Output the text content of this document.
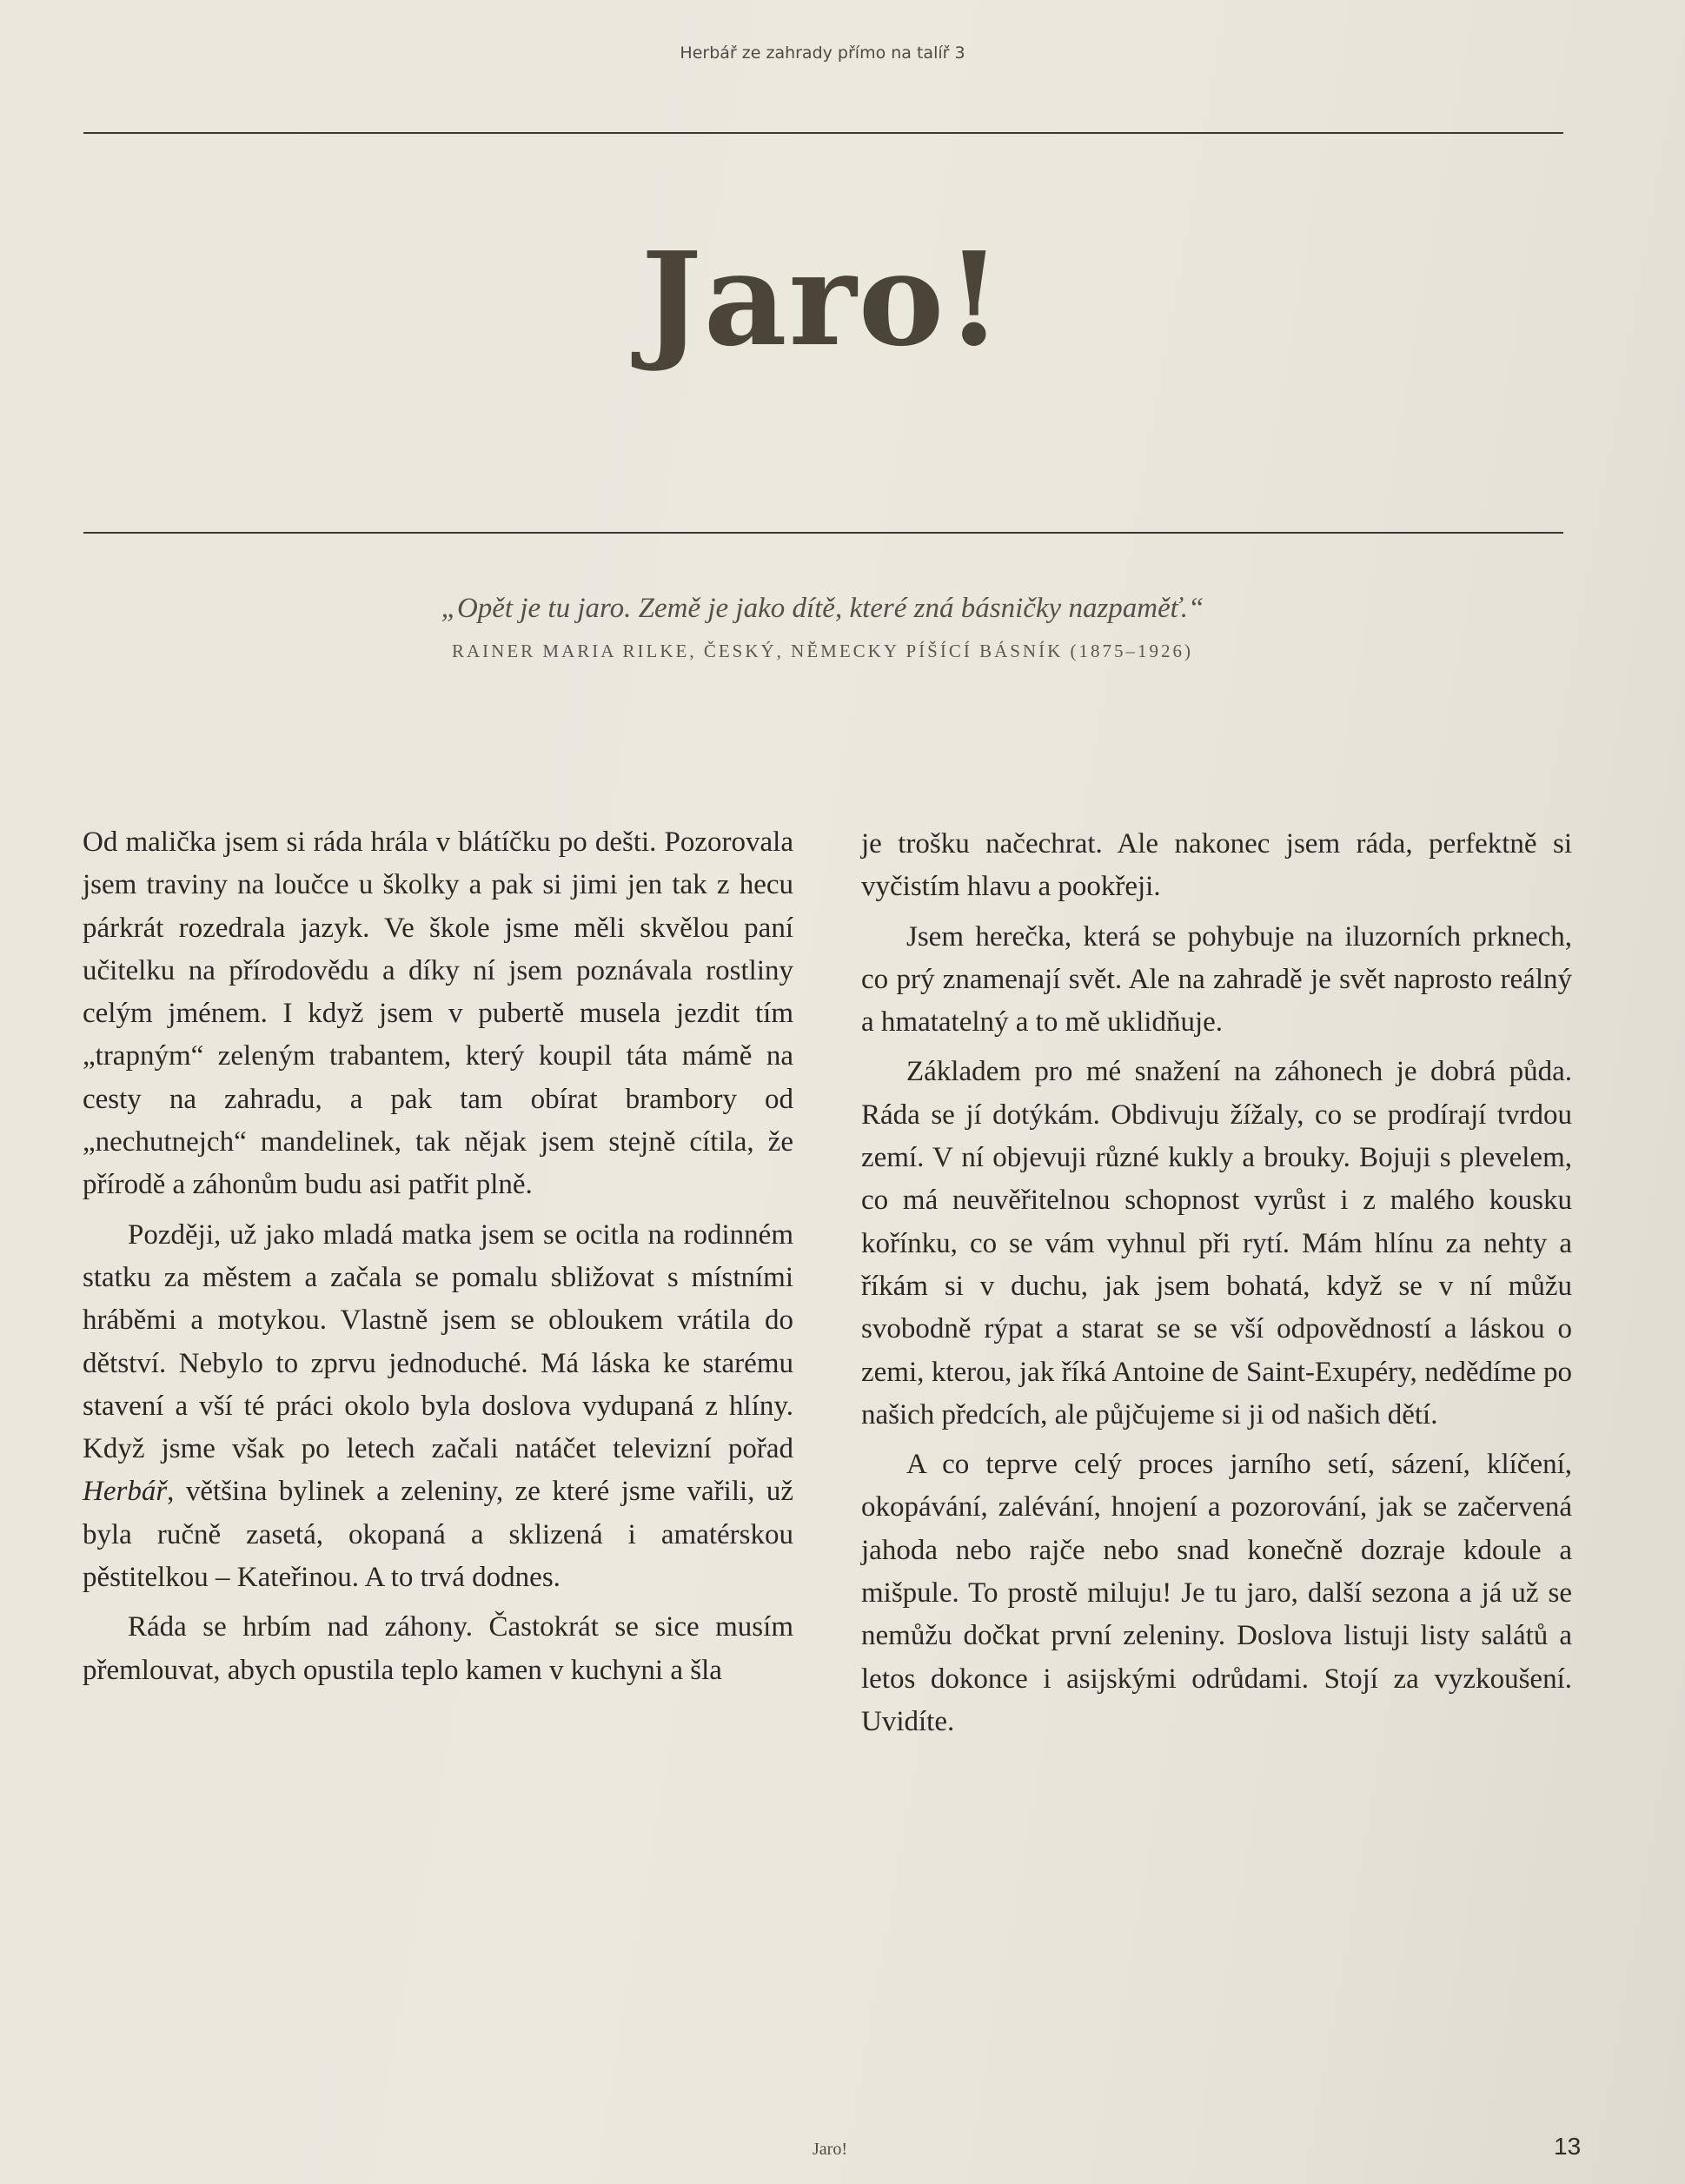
Herbář ze zahrady přímo na talíř 3
Jaro!
„Opět je tu jaro. Země je jako dítě, které zná básničky nazpaměť.“
RAINER MARIA RILKE, ČESKÝ, NĚMECKY PÍŠÍCÍ BÁSNÍK (1875–1926)

Od malička jsem si ráda hrála v blátíčku po dešti. Pozorovala jsem traviny na loučce u školky a pak si jimi jen tak z hecu párkrát rozedrala jazyk. Ve škole jsme měli skvělou paní učitelku na přírodovědu a díky ní jsem poznávala rostliny celým jménem. I když jsem v pubertě musela jezdit tím „trapným“ zeleným trabantem, který koupil táta mámě na cesty na zahradu, a pak tam obírat brambory od „nechutnejch“ mandelinek, tak nějak jsem stejně cítila, že přírodě a záhonům budu asi patřit plně.

Později, už jako mladá matka jsem se ocitla na rodinném statku za městem a začala se pomalu sbližovat s místními hráběmi a motykou. Vlastně jsem se obloukem vrátila do dětství. Nebylo to zprvu jednoduché. Má láska ke starému stavení a vší té práci okolo byla doslova vydupaná z hlíny. Když jsme však po letech začali natáčet televizní pořad Herbář, většina bylinek a zeleniny, ze které jsme vařili, už byla ručně zasetá, okopaná a sklizená i amatérskou pěstitelkou – Kateřinou. A to trvá dodnes.

Ráda se hrbím nad záhony. Častokrát se sice musím přemlouvat, abych opustila teplo kamen v kuchyni a šla

je trošku načechrat. Ale nakonec jsem ráda, perfektně si vyčistím hlavu a pookřeji.

Jsem herečka, která se pohybuje na iluzorních prknech, co prý znamenají svět. Ale na zahradě je svět naprosto reálný a hmatatelný a to mě uklidňuje.

Základem pro mé snažení na záhonech je dobrá půda. Ráda se jí dotýkám. Obdivuju žížaly, co se prodírají tvrdou zemí. V ní objevuji různé kukly a brouky. Bojuji s plevelem, co má neuvěřitelnou schopnost vyrůst i z malého kousku kořínku, co se vám vyhnul při rytí. Mám hlínu za nehty a říkám si v duchu, jak jsem bohatá, když se v ní můžu svobodně rýpat a starat se se vší odpovědností a láskou o zemi, kterou, jak říká Antoine de Saint-Exupéry, nedědíme po našich předcích, ale půjčujeme si ji od našich dětí.

A co teprve celý proces jarního setí, sázení, klíčení, okopávání, zalévání, hnojení a pozorování, jak se začervená jahoda nebo rajče nebo snad konečně dozraje kdoule a mišpule. To prostě miluju! Je tu jaro, další sezona a já už se nemůžu dočkat první zeleniny. Doslova listuji listy salátů a letos dokonce i asijskými odrůdami. Stojí za vyzkoušení. Uvidíte.

Jaro!	13
